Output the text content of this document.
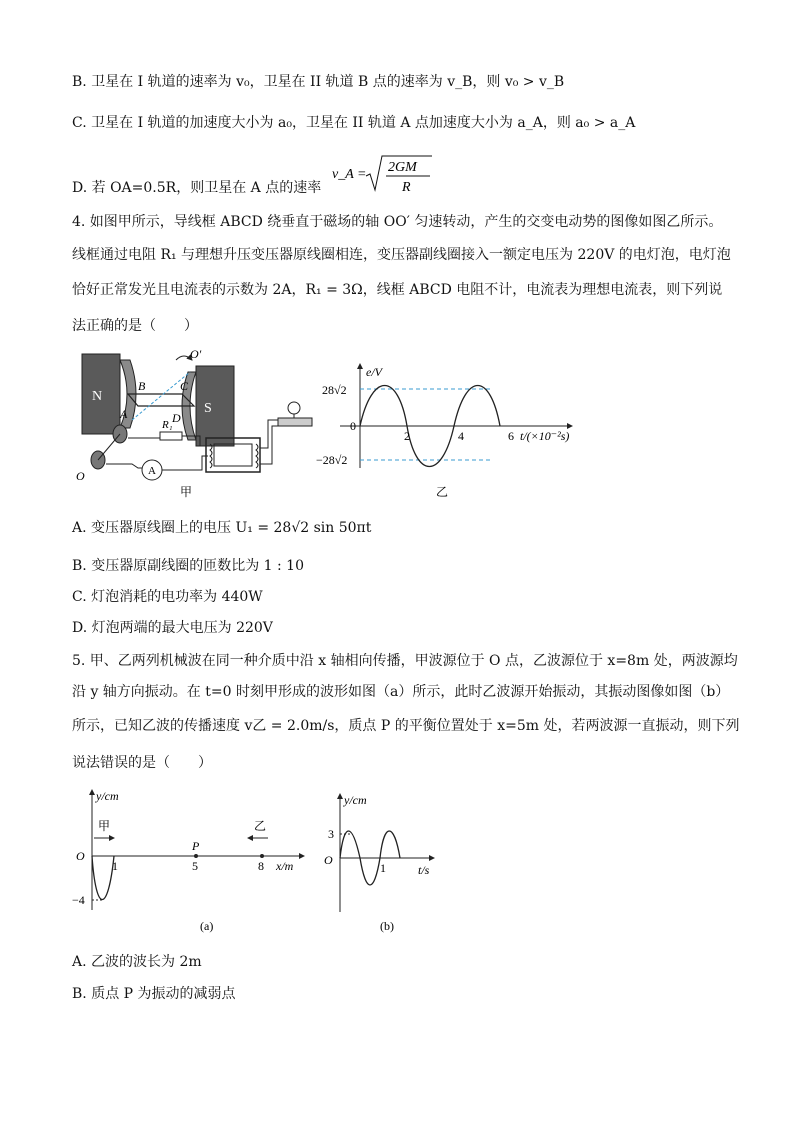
B. 卫星在 I 轨道的速率为 v₀，卫星在 II 轨道 B 点的速率为 v_B，则 v₀ > v_B
C. 卫星在 I 轨道的加速度大小为 a₀，卫星在 II 轨道 A 点加速度大小为 a_A，则 a₀ > a_A
D. 若 OA=0.5R，则卫星在 A 点的速率
v_A = 2GM
R
4. 如图甲所示，导线框 ABCD 绕垂直于磁场的轴 OO′ 匀速转动，产生的交变电动势的图像如图乙所示。
线框通过电阻 R₁ 与理想升压变压器原线圈相连，变压器副线圈接入一额定电压为 220V 的电灯泡，电灯泡
恰好正常发光且电流表的示数为 2A，R₁ = 3Ω，线框 ABCD 电阻不计，电流表为理想电流表，则下列说
法正确的是（　　）
N
S
O′
B	C
D
A
O
R₁
A
甲
e/V
28√2
0
−28√2
2	4	6 t/(×10⁻²s)
乙
A. 变压器原线圈上的电压 U₁ = 28√2 sin 50πt
B. 变压器原副线圈的匝数比为 1 : 10
C. 灯泡消耗的电功率为 440W
D. 灯泡两端的最大电压为 220V
5. 甲、乙两列机械波在同一种介质中沿 x 轴相向传播，甲波源位于 O 点，乙波源位于 x=8m 处，两波源均
沿 y 轴方向振动。在 t=0 时刻甲形成的波形如图（a）所示，此时乙波源开始振动，其振动图像如图（b）
所示，已知乙波的传播速度 v乙 = 2.0m/s，质点 P 的平衡位置处于 x=5m 处，若两波源一直振动，则下列
说法错误的是（　　）
y/cm
O
−4
甲	乙
P
1	5	8 x/m
(a)
y/cm
3
O
1	t/s
(b)
A. 乙波的波长为 2m
B. 质点 P 为振动的减弱点
